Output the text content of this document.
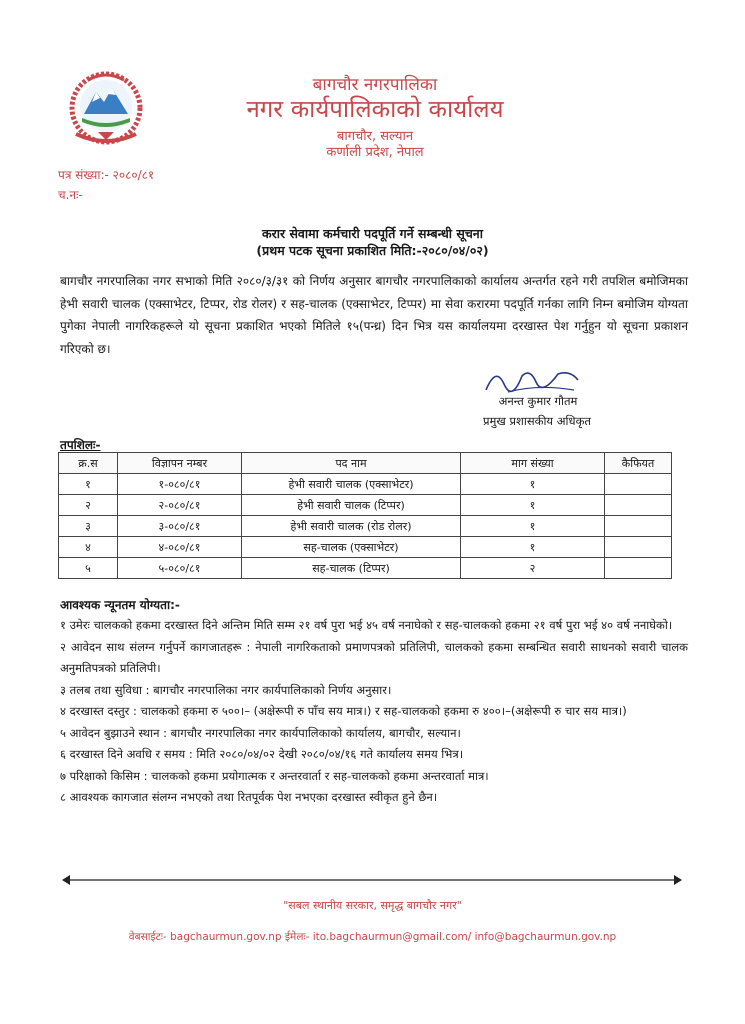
बागचौर नगरपालिका
नगर कार्यपालिकाको कार्यालय
बागचौर, सल्यान
कर्णाली प्रदेश, नेपाल
पत्र संख्या:- २०८०/८१
च.नः-
करार सेवामा कर्मचारी पदपूर्ति गर्ने सम्बन्धी सूचना
(प्रथम पटक सूचना प्रकाशित मिति:-२०८०/०४/०२)
बागचौर नगरपालिका नगर सभाको मिति २०८०/३/३१ को निर्णय अनुसार बागचौर नगरपालिकाको कार्यालय अन्तर्गत रहने गरी तपशिल बमोजिमका हेभी सवारी चालक (एक्साभेटर, टिप्पर, रोड रोलर) र सह-चालक (एक्साभेटर, टिप्पर) मा सेवा करारमा पदपूर्ति गर्नका लागि निम्न बमोजिम योग्यता पुगेका नेपाली नागरिकहरूले यो सूचना प्रकाशित भएको मितिले १५(पन्ध्र) दिन भित्र यस कार्यालयमा दरखास्त पेश गर्नुहुन यो सूचना प्रकाशन गरिएको छ।
अनन्त कुमार गौतम
प्रमुख प्रशासकीय अधिकृत
तपशिलः-
क्र.स	विज्ञापन नम्बर	पद नाम	माग संख्या	कैफियत
१	१-०८०/८१	हेभी सवारी चालक (एक्साभेटर)	१	
२	२-०८०/८१	हेभी सवारी चालक (टिप्पर)	१	
३	३-०८०/८१	हेभी सवारी चालक (रोड रोलर)	१	
४	४-०८०/८१	सह-चालक (एक्साभेटर)	१	
५	५-०८०/८१	सह-चालक (टिप्पर)	२	
आवश्यक न्यूनतम योग्यता:-
१ उमेरः चालकको हकमा दरखास्त दिने अन्तिम मिति सम्म २१ वर्ष पुरा भई ४५ वर्ष ननाघेको र सह-चालकको हकमा २१ वर्ष पुरा भई ४० वर्ष ननाघेको।
२ आवेदन साथ संलग्न गर्नुपर्ने कागजातहरू : नेपाली नागरिकताको प्रमाणपत्रको प्रतिलिपी, चालकको हकमा सम्बन्धित सवारी साधनको सवारी चालक अनुमतिपत्रको प्रतिलिपी।
३ तलब तथा सुविधा : बागचौर नगरपालिका नगर कार्यपालिकाको निर्णय अनुसार।
४ दरखास्त दस्तुर : चालकको हकमा रु ५००।– (अक्षेरूपी रु पाँच सय मात्र।) र सह-चालकको हकमा रु ४००।–(अक्षेरूपी रु चार सय मात्र।)
५ आवेदन बुझाउने स्थान : बागचौर नगरपालिका नगर कार्यपालिकाको कार्यालय, बागचौर, सल्यान।
६ दरखास्त दिने अवधि र समय : मिति २०८०/०४/०२ देखी २०८०/०४/१६ गते कार्यालय समय भित्र।
७ परिक्षाको किसिम : चालकको हकमा प्रयोगात्मक र अन्तरवार्ता र सह-चालकको हकमा अन्तरवार्ता मात्र।
८ आवश्यक कागजात संलग्न नभएको तथा रितपूर्वक पेश नभएका दरखास्त स्वीकृत हुने छैन।
"सबल स्थानीय सरकार, समृद्ध बागचौर नगर"
वेबसाईटः- bagchaurmun.gov.np ईमेलः- ito.bagchaurmun@gmail.com/ info@bagchaurmun.gov.np
